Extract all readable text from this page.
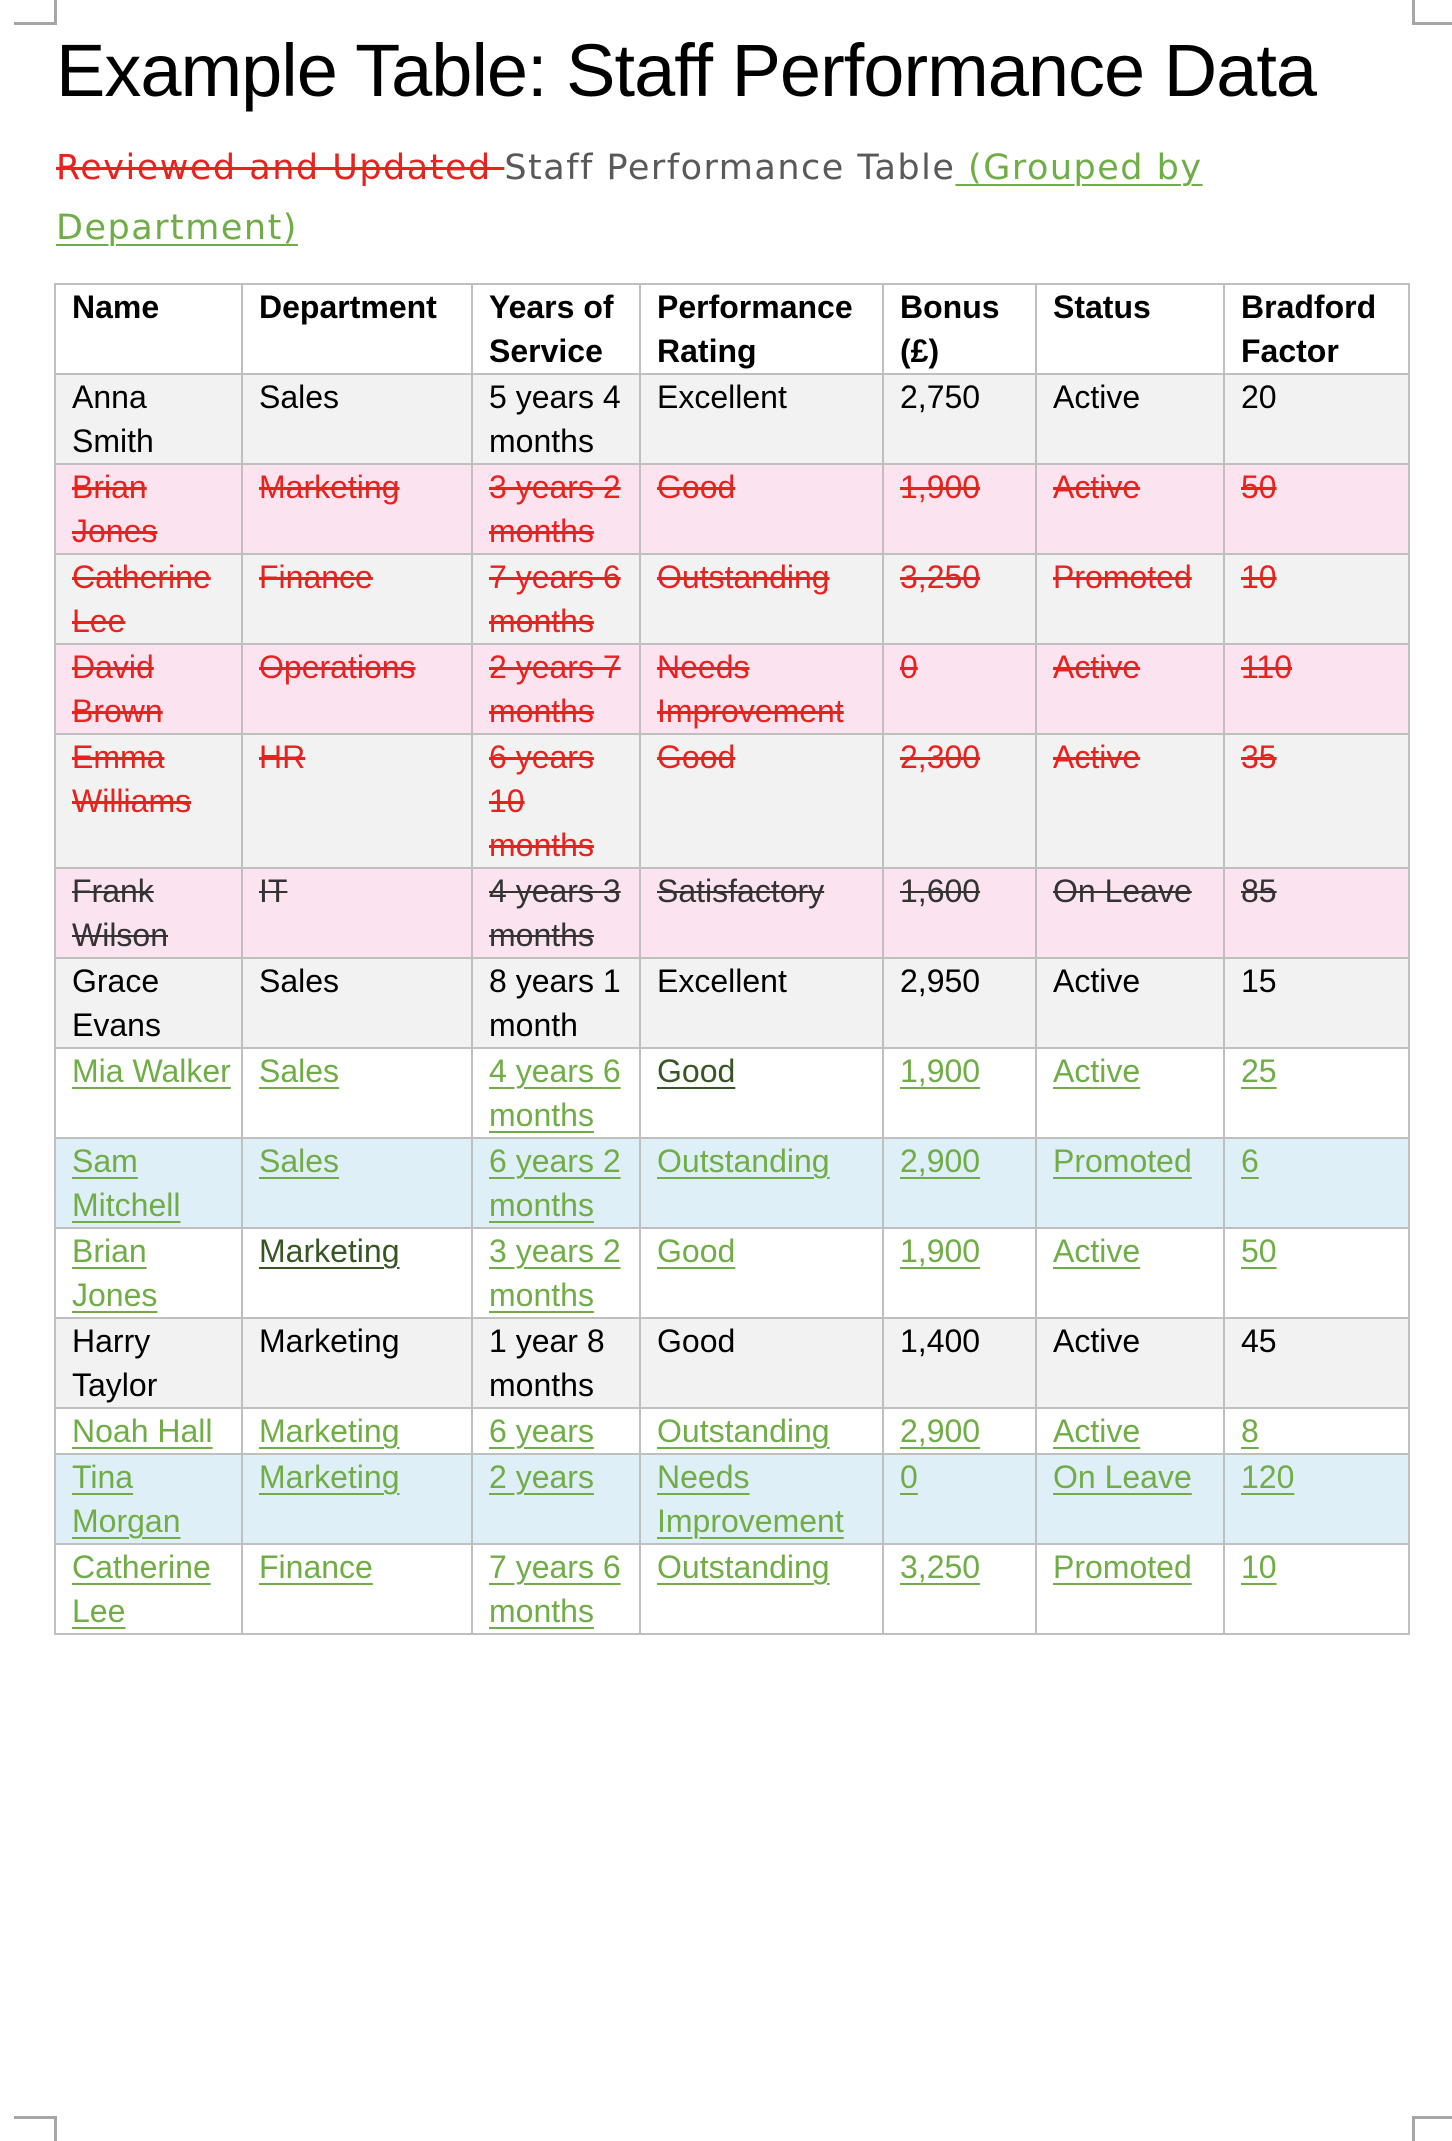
Example Table: Staff Performance Data

Reviewed and Updated Staff Performance Table (Grouped by Department)

Name	Department	Years of Service	Performance Rating	Bonus (£)	Status	Bradford Factor
Anna Smith	Sales	5 years 4 months	Excellent	2,750	Active	20
Brian Jones	Marketing	3 years 2 months	Good	1,900	Active	50
Catherine Lee	Finance	7 years 6 months	Outstanding	3,250	Promoted	10
David Brown	Operations	2 years 7 months	Needs Improvement	0	Active	110
Emma Williams	HR	6 years 10 months	Good	2,300	Active	35
Frank Wilson	IT	4 years 3 months	Satisfactory	1,600	On Leave	85
Grace Evans	Sales	8 years 1 month	Excellent	2,950	Active	15
Mia Walker	Sales	4 years 6 months	Good	1,900	Active	25
Sam Mitchell	Sales	6 years 2 months	Outstanding	2,900	Promoted	6
Brian Jones	Marketing	3 years 2 months	Good	1,900	Active	50
Harry Taylor	Marketing	1 year 8 months	Good	1,400	Active	45
Noah Hall	Marketing	6 years	Outstanding	2,900	Active	8
Tina Morgan	Marketing	2 years	Needs Improvement	0	On Leave	120
Catherine Lee	Finance	7 years 6 months	Outstanding	3,250	Promoted	10
